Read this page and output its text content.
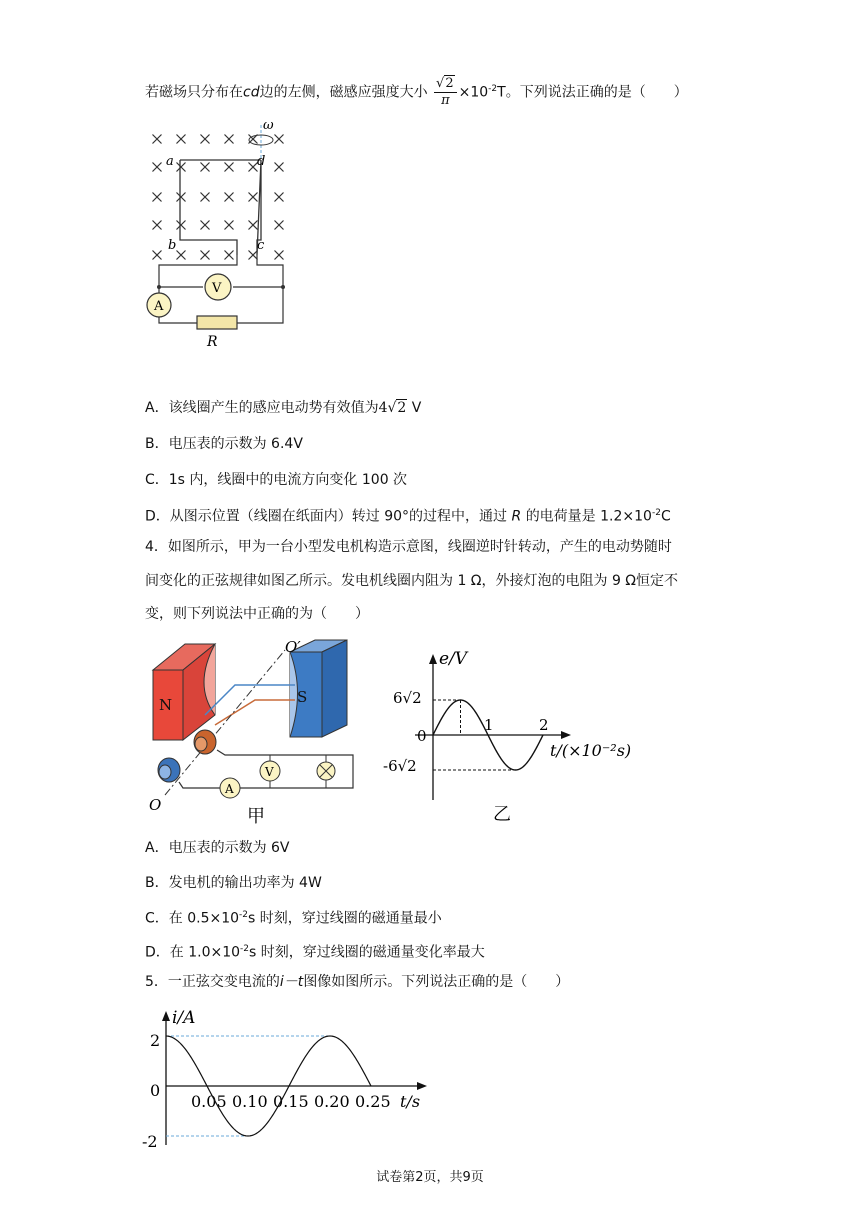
若磁场只分布在cd边的左侧，磁感应强度大小 $\frac{√2}{\pi} \times 10^{-2}T$。下列说法正确的是（　　）
ω
a	d
b	c
V
A
R
A．该线圈产生的感应电动势有效值为4√2 V
B．电压表的示数为 6.4V
C．1s 内，线圈中的电流方向变化 100 次
D．从图示位置（线圈在纸面内）转过 90°的过程中，通过 R 的电荷量是 $1.2\times 10^{-2}C$
4．如图所示，甲为一台小型发电机构造示意图，线圈逆时针转动，产生的电动势随时
间变化的正弦规律如图乙所示。发电机线圈内阻为 1 Ω，外接灯泡的电阻为 9 Ω恒定不
变，则下列说法中正确的为（　　）
N	S
O′
O
A
V
甲
e/V
t/(×10⁻²s)
6√2
0
-6√2
1	2
乙
A．电压表的示数为 6V
B．发电机的输出功率为 4W
C．在 $0.5\times 10^{-2}s$ 时刻，穿过线圈的磁通量最小
D．在 $1.0\times 10^{-2}s$ 时刻，穿过线圈的磁通量变化率最大
5．一正弦交变电流的i－t图像如图所示。下列说法正确的是（　　）
i/A
t/s
2
0
-2
0.05 0.10 0.15 0.20 0.25
试卷第2页，共9页
